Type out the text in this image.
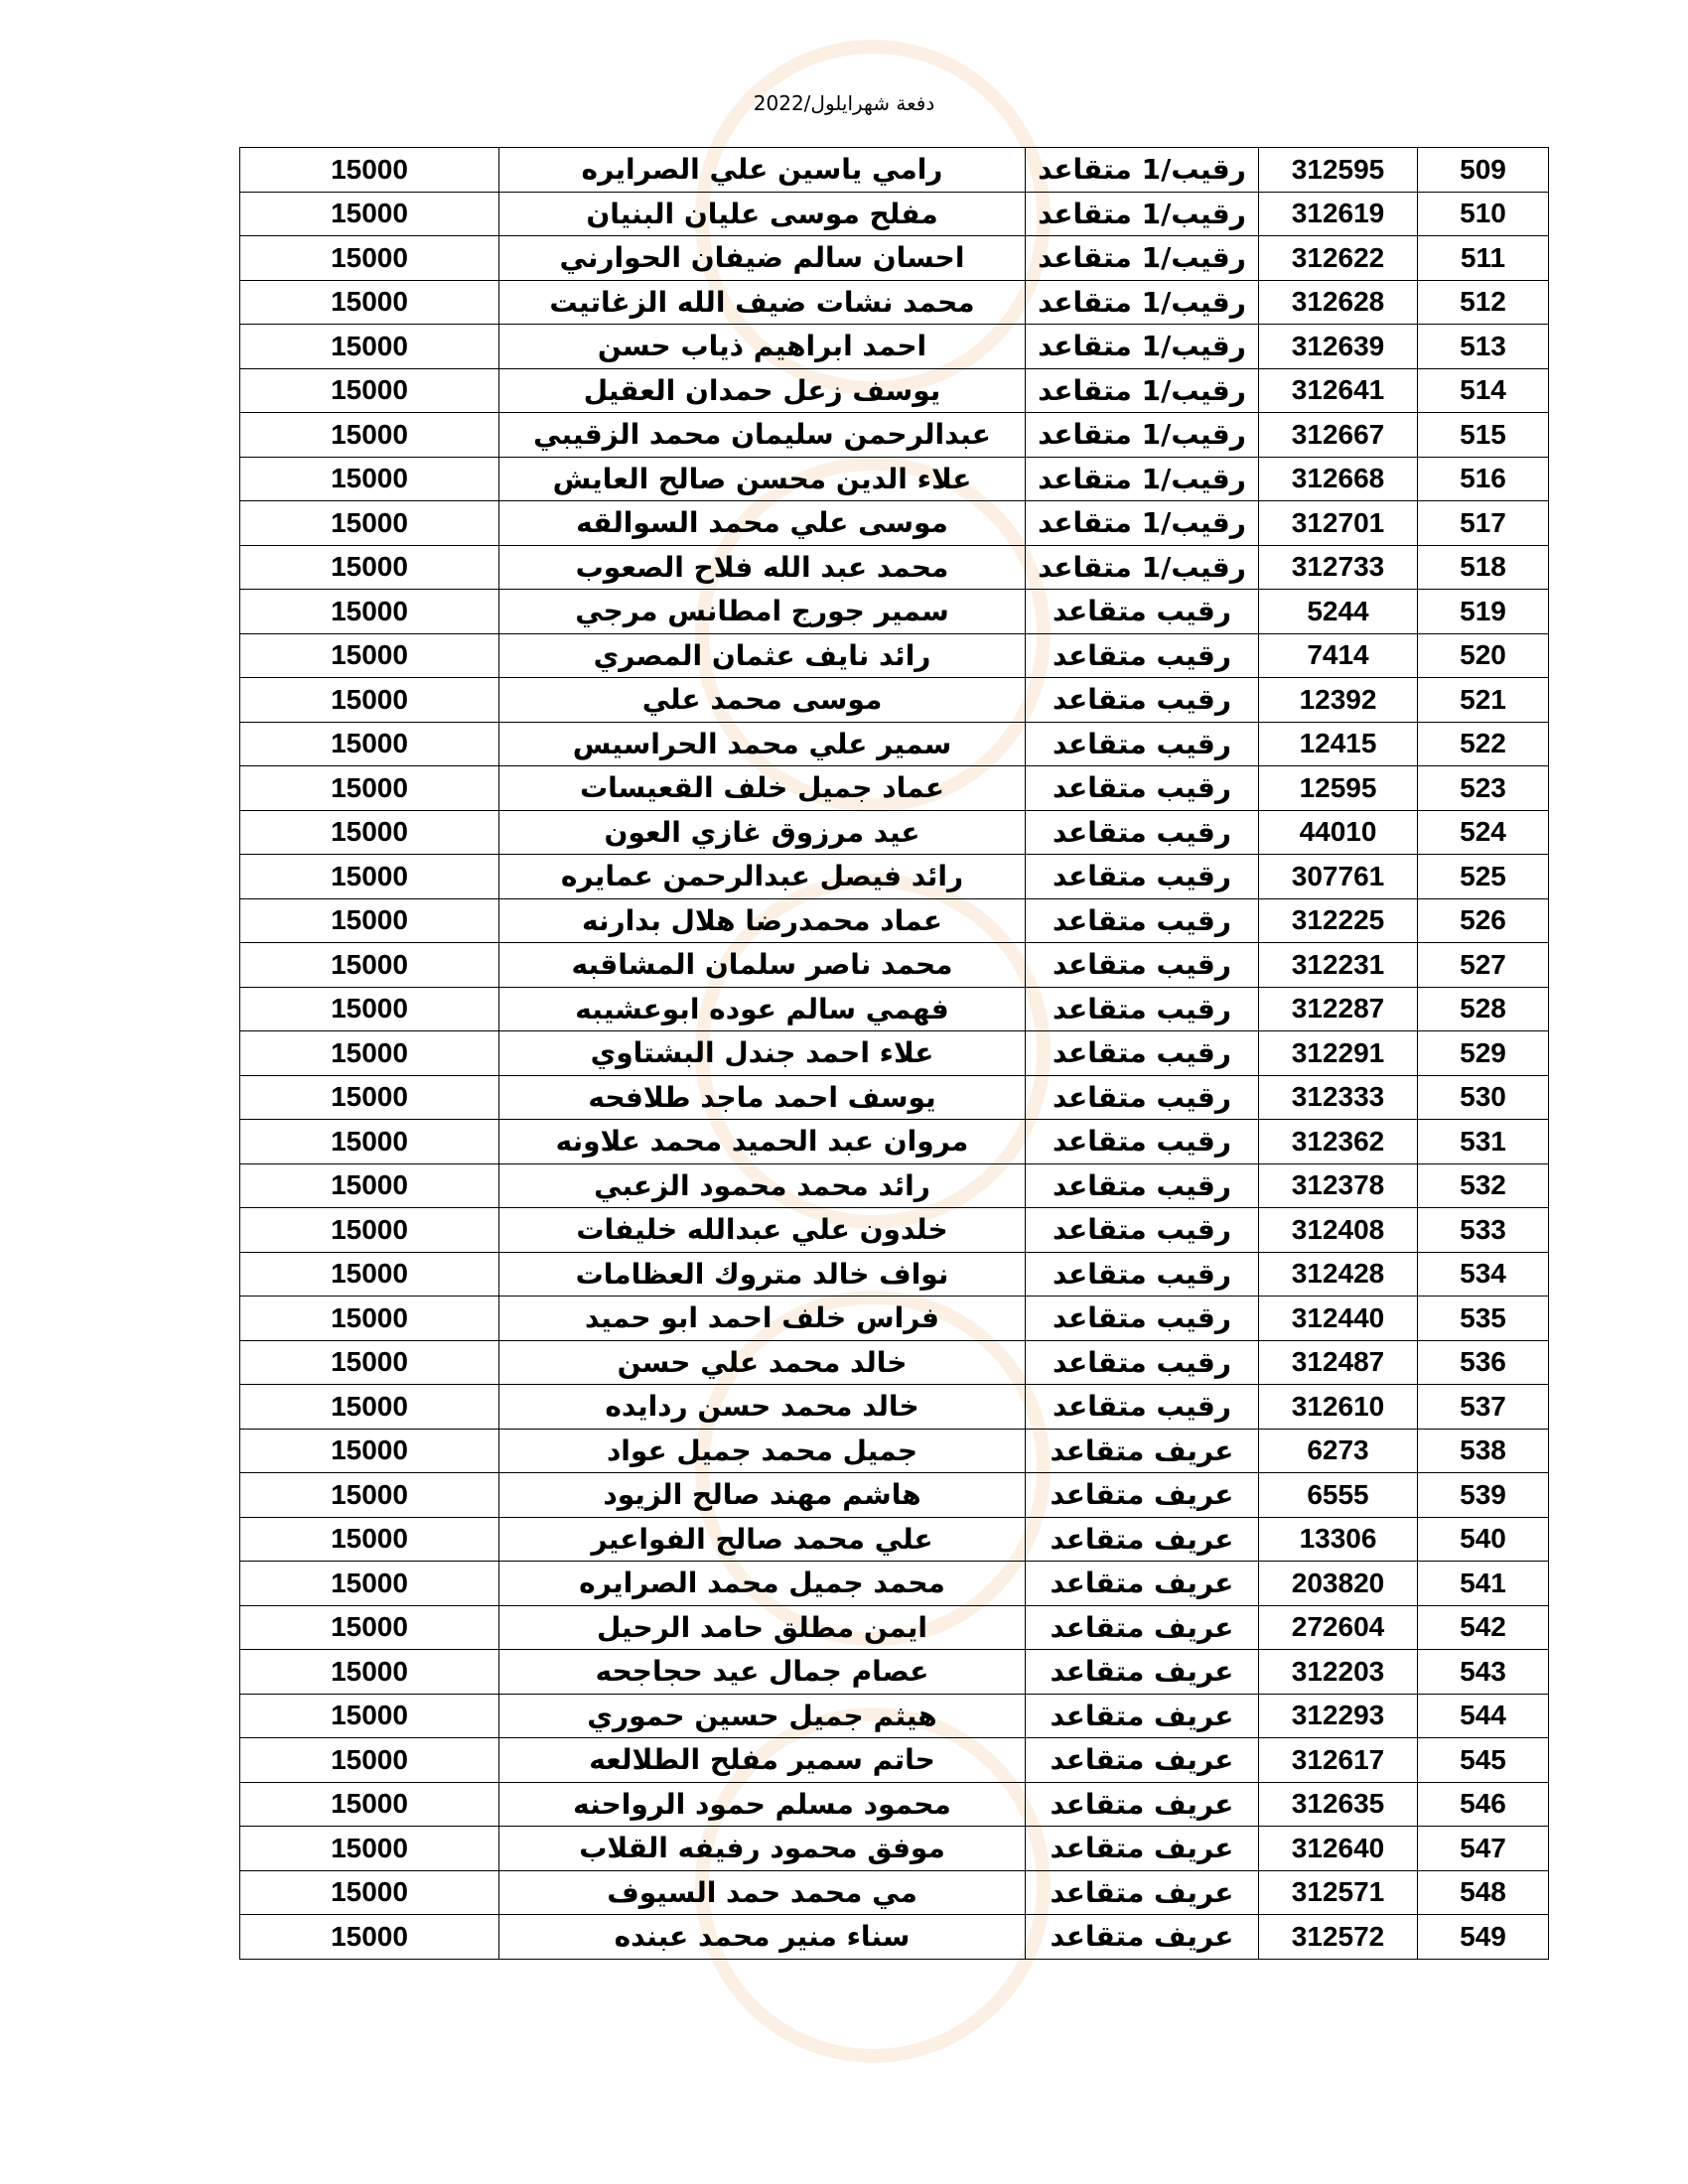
دفعة شهرايلول/2022
509	312595	رقيب/1 متقاعد	رامي ياسين علي الصرايره	15000
510	312619	رقيب/1 متقاعد	مفلح موسى عليان البنيان	15000
511	312622	رقيب/1 متقاعد	احسان سالم ضيفان الحوارني	15000
512	312628	رقيب/1 متقاعد	محمد نشات ضيف الله الزغاتيت	15000
513	312639	رقيب/1 متقاعد	احمد ابراهيم ذياب حسن	15000
514	312641	رقيب/1 متقاعد	يوسف زعل حمدان العقيل	15000
515	312667	رقيب/1 متقاعد	عبدالرحمن سليمان محمد الزقيبي	15000
516	312668	رقيب/1 متقاعد	علاء الدين محسن صالح العايش	15000
517	312701	رقيب/1 متقاعد	موسى علي محمد السوالقه	15000
518	312733	رقيب/1 متقاعد	محمد عبد الله فلاح الصعوب	15000
519	5244	رقيب متقاعد	سمير جورج امطانس مرجي	15000
520	7414	رقيب متقاعد	رائد نايف عثمان المصري	15000
521	12392	رقيب متقاعد	موسى محمد علي	15000
522	12415	رقيب متقاعد	سمير علي محمد الحراسيس	15000
523	12595	رقيب متقاعد	عماد جميل خلف القعيسات	15000
524	44010	رقيب متقاعد	عيد مرزوق غازي العون	15000
525	307761	رقيب متقاعد	رائد فيصل عبدالرحمن عمايره	15000
526	312225	رقيب متقاعد	عماد محمدرضا هلال بدارنه	15000
527	312231	رقيب متقاعد	محمد ناصر سلمان المشاقبه	15000
528	312287	رقيب متقاعد	فهمي سالم عوده ابوعشيبه	15000
529	312291	رقيب متقاعد	علاء احمد جندل البشتاوي	15000
530	312333	رقيب متقاعد	يوسف احمد ماجد طلافحه	15000
531	312362	رقيب متقاعد	مروان عبد الحميد محمد علاونه	15000
532	312378	رقيب متقاعد	رائد محمد محمود الزعبي	15000
533	312408	رقيب متقاعد	خلدون علي عبدالله خليفات	15000
534	312428	رقيب متقاعد	نواف خالد متروك العظامات	15000
535	312440	رقيب متقاعد	فراس خلف احمد ابو حميد	15000
536	312487	رقيب متقاعد	خالد محمد علي حسن	15000
537	312610	رقيب متقاعد	خالد محمد حسن ردايده	15000
538	6273	عريف متقاعد	جميل محمد جميل عواد	15000
539	6555	عريف متقاعد	هاشم مهند صالح الزيود	15000
540	13306	عريف متقاعد	علي محمد صالح الفواعير	15000
541	203820	عريف متقاعد	محمد جميل محمد الصرايره	15000
542	272604	عريف متقاعد	ايمن مطلق حامد الرحيل	15000
543	312203	عريف متقاعد	عصام جمال عيد حجاجحه	15000
544	312293	عريف متقاعد	هيثم جميل حسين حموري	15000
545	312617	عريف متقاعد	حاتم سمير مفلح الطلالعه	15000
546	312635	عريف متقاعد	محمود مسلم حمود الرواحنه	15000
547	312640	عريف متقاعد	موفق محمود رفيفه القلاب	15000
548	312571	عريف متقاعد	مي محمد حمد السيوف	15000
549	312572	عريف متقاعد	سناء منير محمد عبنده	15000
